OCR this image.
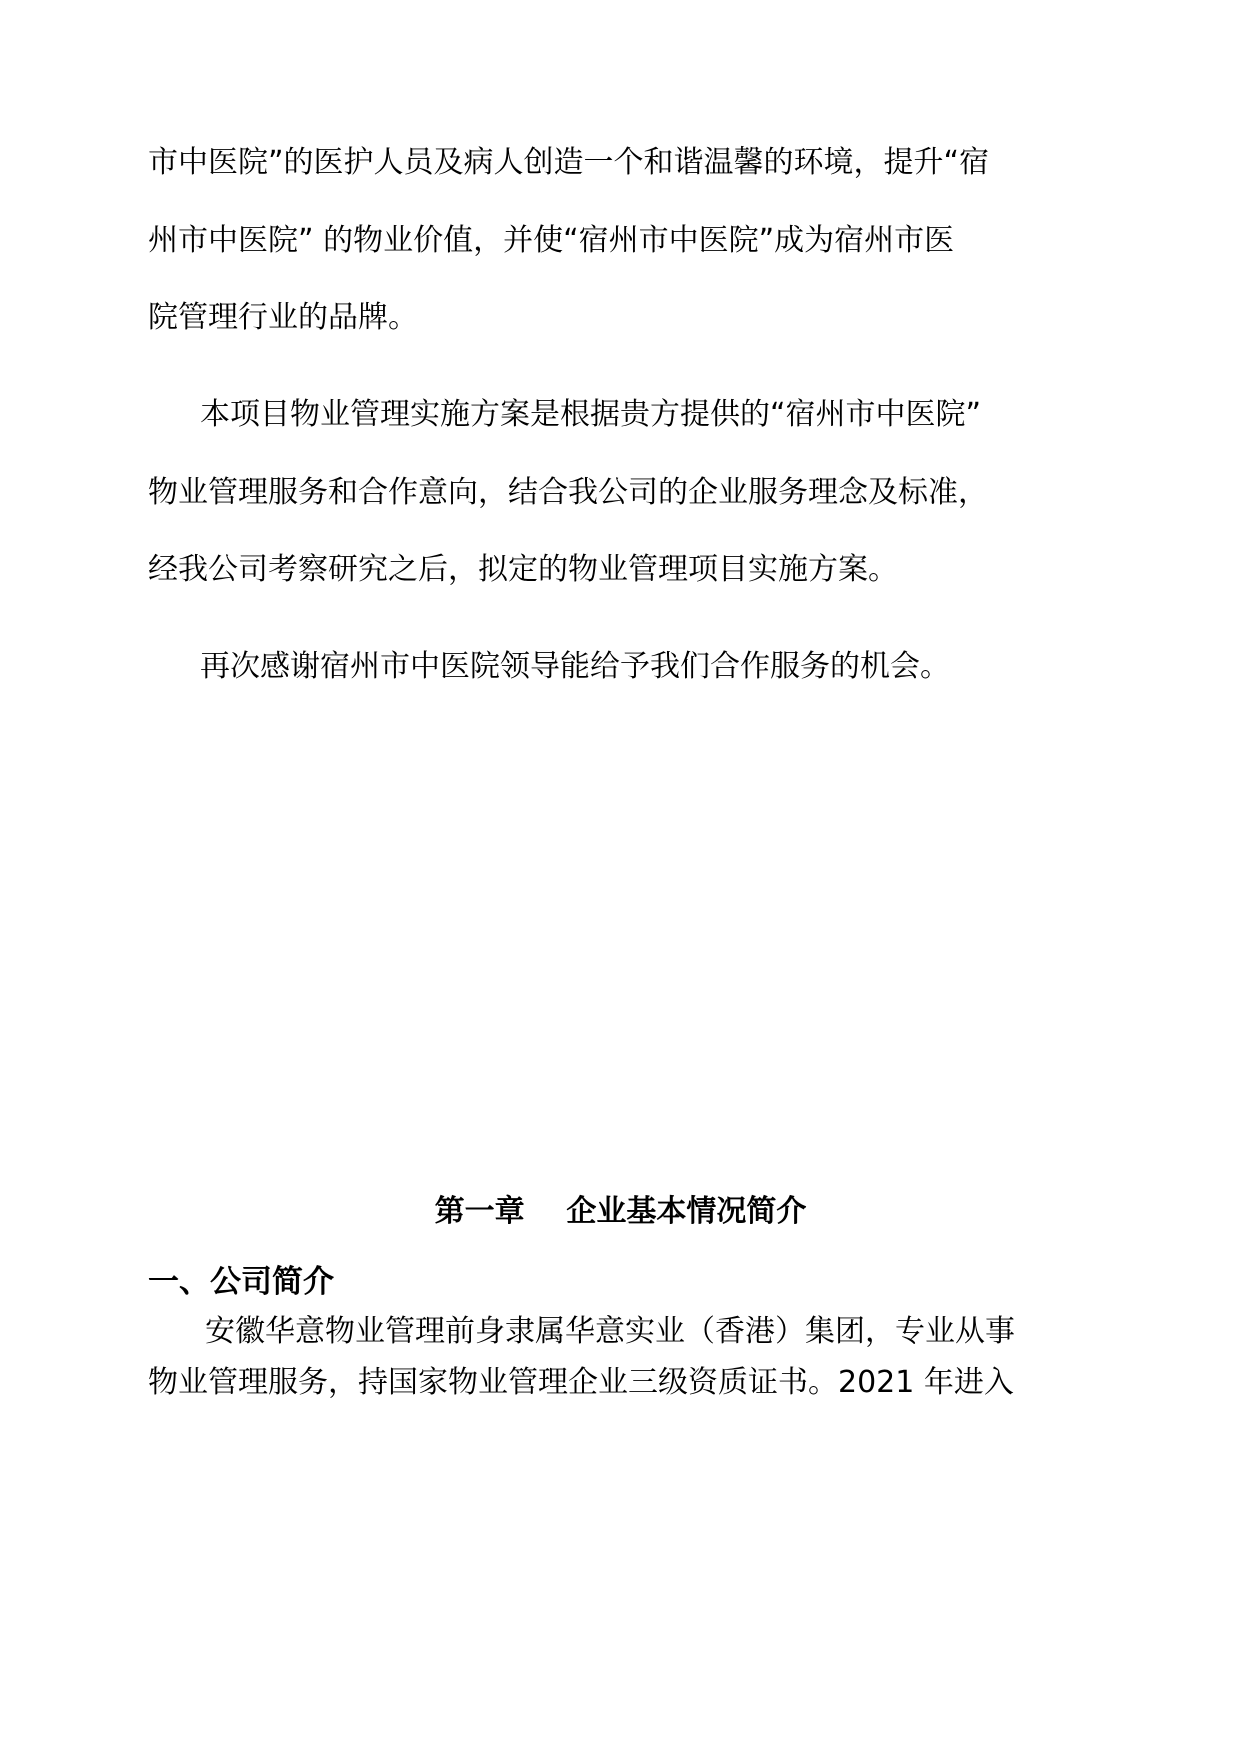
市中医院”的医护人员及病人创造一个和谐温馨的环境，提升“宿
州市中医院” 的物业价值，并使“宿州市中医院”成为宿州市医
院管理行业的品牌。
本项目物业管理实施方案是根据贵方提供的“宿州市中医院”
物业管理服务和合作意向，结合我公司的企业服务理念及标准，
经我公司考察研究之后，拟定的物业管理项目实施方案。
再次感谢宿州市中医院领导能给予我们合作服务的机会。
第一章    企业基本情况简介
一、公司简介
安徽华意物业管理前身隶属华意实业（香港）集团，专业从事
物业管理服务，持国家物业管理企业三级资质证书。2021 年进入
